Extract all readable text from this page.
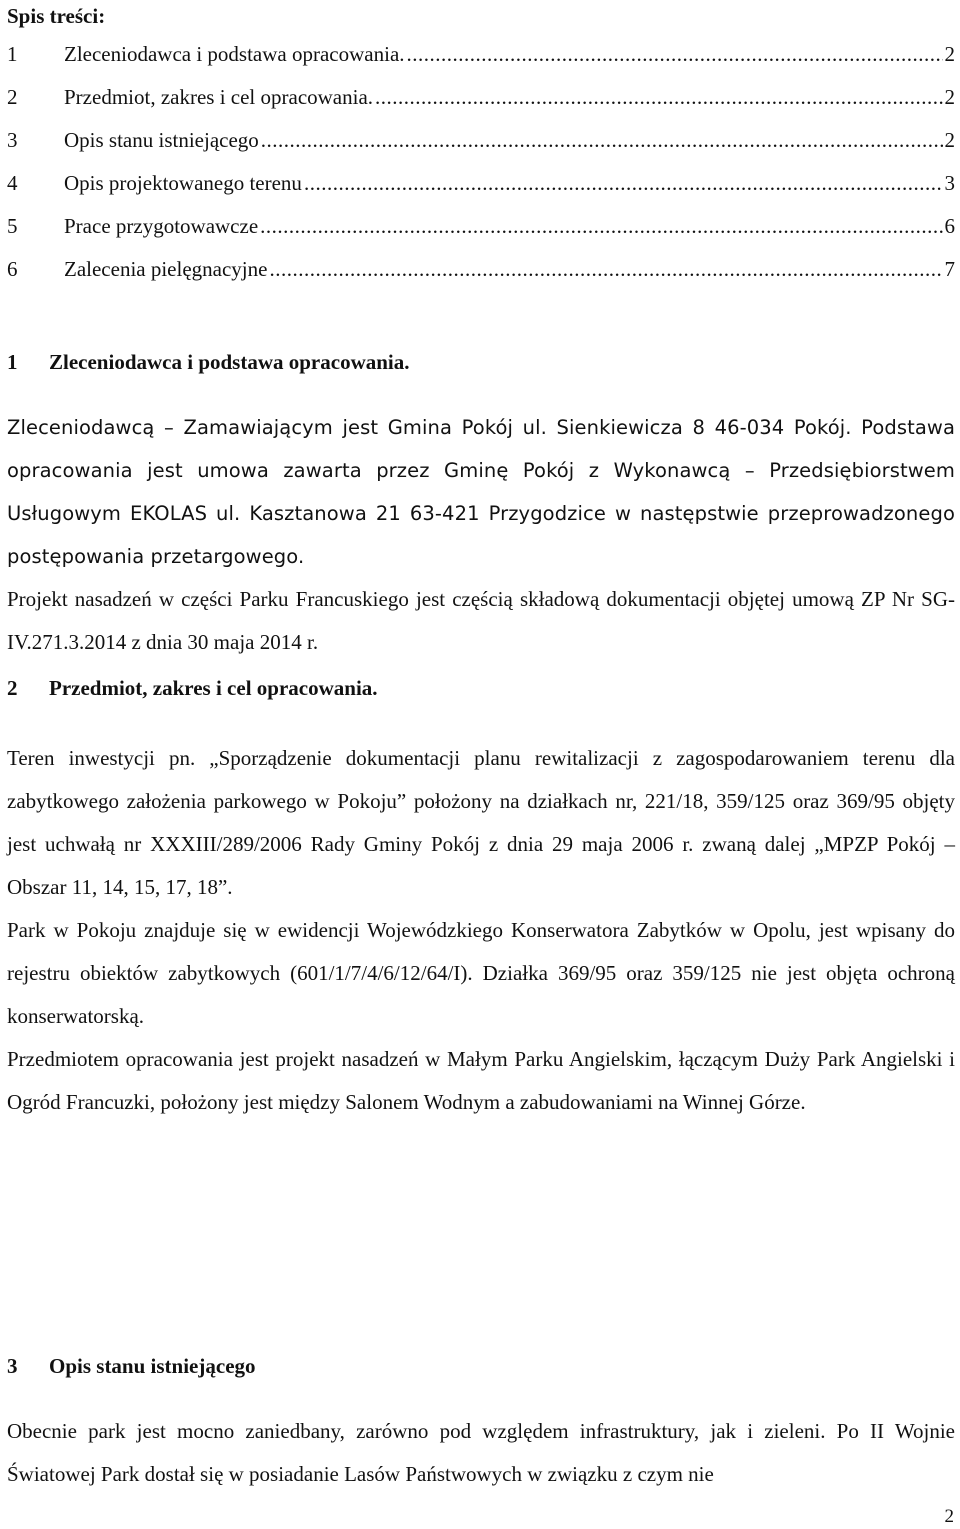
Spis treści:
1	Zleceniodawca i podstawa opracowania. .....	2
2	Przedmiot, zakres i cel opracowania. .....	2
3	Opis stanu istniejącego .....	2
4	Opis projektowanego terenu .....	3
5	Prace przygotowawcze .....	6
6	Zalecenia pielęgnacyjne .....	7
1 Zleceniodawca i podstawa opracowania.

Zleceniodawcą – Zamawiającym jest Gmina Pokój ul. Sienkiewicza 8 46-034 Pokój. Podstawa opracowania jest umowa zawarta przez Gminę Pokój z Wykonawcą – Przedsiębiorstwem Usługowym EKOLAS ul. Kasztanowa 21 63-421 Przygodzice w następstwie przeprowadzonego postępowania przetargowego.

Projekt nasadzeń w części Parku Francuskiego jest częścią składową dokumentacji objętej umową ZP Nr SG-IV.271.3.2014 z dnia 30 maja 2014 r.

2 Przedmiot, zakres i cel opracowania.

Teren inwestycji pn. „Sporządzenie dokumentacji planu rewitalizacji z zagospodarowaniem terenu dla zabytkowego założenia parkowego w Pokoju” położony na działkach nr, 221/18, 359/125 oraz 369/95 objęty jest uchwałą nr XXXIII/289/2006 Rady Gminy Pokój z dnia 29 maja 2006 r. zwaną dalej „MPZP Pokój – Obszar 11, 14, 15, 17, 18”.

Park w Pokoju znajduje się w ewidencji Wojewódzkiego Konserwatora Zabytków w Opolu, jest wpisany do rejestru obiektów zabytkowych (601/1/7/4/6/12/64/I). Działka 369/95 oraz 359/125 nie jest objęta ochroną konserwatorską.

Przedmiotem opracowania jest projekt nasadzeń w Małym Parku Angielskim, łączącym Duży Park Angielski i Ogród Francuzki, położony jest między Salonem Wodnym a zabudowaniami na Winnej Górze.

3 Opis stanu istniejącego

Obecnie park jest mocno zaniedbany, zarówno pod względem infrastruktury, jak i zieleni. Po II Wojnie Światowej Park dostał się w posiadanie Lasów Państwowych w związku z czym nie

2
